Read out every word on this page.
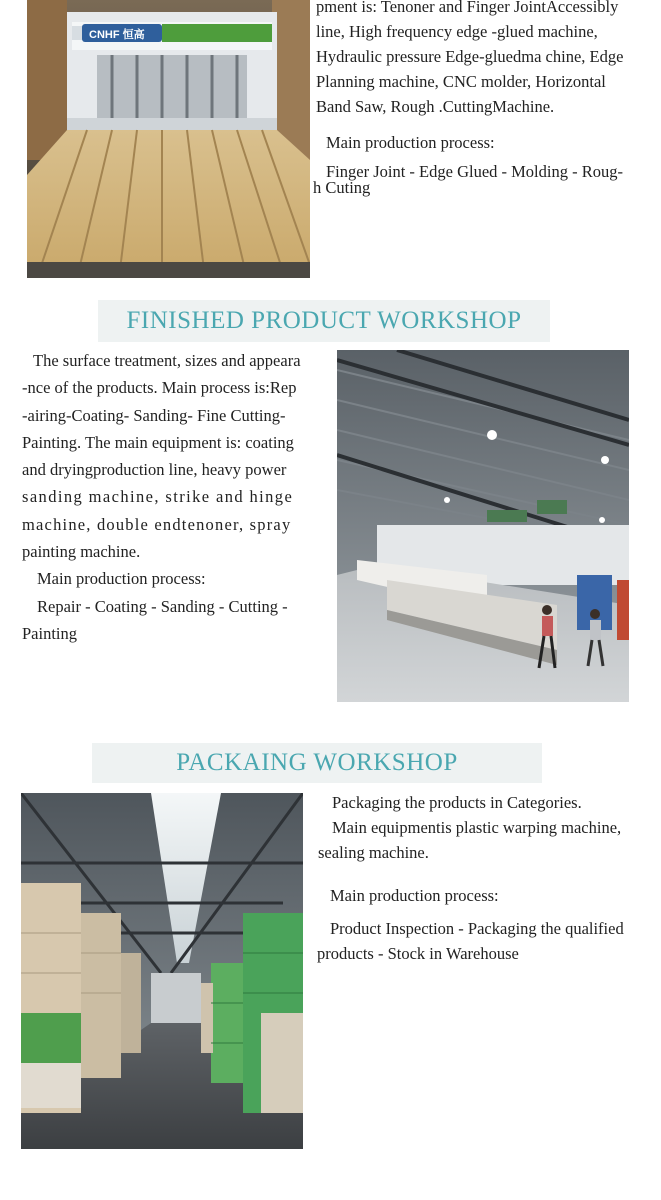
CNHF 恒高

pment is: Tenoner and Finger JointAccessibly

line, High frequency edge -glued machine,

Hydraulic pressure Edge-gluedma chine, Edge

Planning machine, CNC molder, Horizontal

Band Saw, Rough .CuttingMachine.

Main production process:
Finger Joint - Edge Glued - Molding - Roug-
h Cuting
FINISHED PRODUCT WORKSHOP

The surface treatment, sizes and appeara

-nce of the products. Main process is:Rep

-airing-Coating- Sanding- Fine Cutting-

Painting. The main equipment is: coating

and dryingproduction line, heavy power

sanding machine, strike and hinge

machine, double endtenoner, spray

painting machine.

Main production process:

Repair - Coating - Sanding - Cutting -

Painting

PACKAING WORKSHOP
Packaging the products in Categories.
Main equipmentis plastic warping machine,
sealing machine.
Main production process:
Product Inspection - Packaging the qualified
products - Stock in Warehouse
